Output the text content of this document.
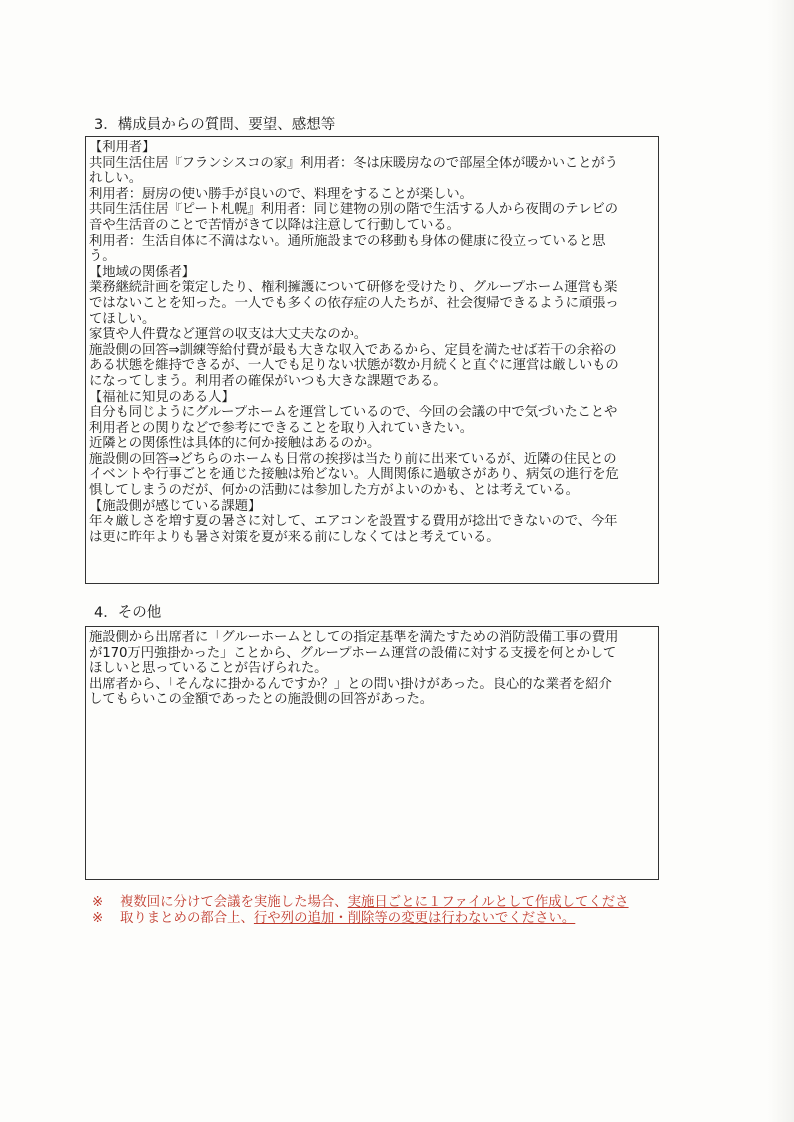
3．構成員からの質問、要望、感想等
【利用者】
共同生活住居『フランシスコの家』利用者：冬は床暖房なので部屋全体が暖かいことがう
れしい。
利用者：厨房の使い勝手が良いので、料理をすることが楽しい。
共同生活住居『ピート札幌』利用者：同じ建物の別の階で生活する人から夜間のテレビの
音や生活音のことで苦情がきて以降は注意して行動している。
利用者：生活自体に不満はない。通所施設までの移動も身体の健康に役立っていると思
う。
【地域の関係者】
業務継続計画を策定したり、権利擁護について研修を受けたり、グループホーム運営も楽
ではないことを知った。一人でも多くの依存症の人たちが、社会復帰できるように頑張っ
てほしい。
家賃や人件費など運営の収支は大丈夫なのか。
施設側の回答⇒訓練等給付費が最も大きな収入であるから、定員を満たせば若干の余裕の
ある状態を維持できるが、一人でも足りない状態が数か月続くと直ぐに運営は厳しいもの
になってしまう。利用者の確保がいつも大きな課題である。
【福祉に知見のある人】
自分も同じようにグループホームを運営しているので、今回の会議の中で気づいたことや
利用者との関りなどで参考にできることを取り入れていきたい。
近隣との関係性は具体的に何か接触はあるのか。
施設側の回答⇒どちらのホームも日常の挨拶は当たり前に出来ているが、近隣の住民との
イベントや行事ごとを通じた接触は殆どない。人間関係に過敏さがあり、病気の進行を危
惧してしまうのだが、何かの活動には参加した方がよいのかも、とは考えている。
【施設側が感じている課題】
年々厳しさを増す夏の暑さに対して、エアコンを設置する費用が捻出できないので、今年
は更に昨年よりも暑さ対策を夏が来る前にしなくてはと考えている。
4．その他
施設側から出席者に「グルーホームとしての指定基準を満たすための消防設備工事の費用
が170万円強掛かった」ことから、グループホーム運営の設備に対する支援を何とかして
ほしいと思っていることが告げられた。
出席者から、「そんなに掛かるんですか？」との問い掛けがあった。良心的な業者を紹介
してもらいこの金額であったとの施設側の回答があった。
※ 複数回に分けて会議を実施した場合、実施日ごとに１ファイルとして作成してくださ
※ 取りまとめの都合上、行や列の追加・削除等の変更は行わないでください。
